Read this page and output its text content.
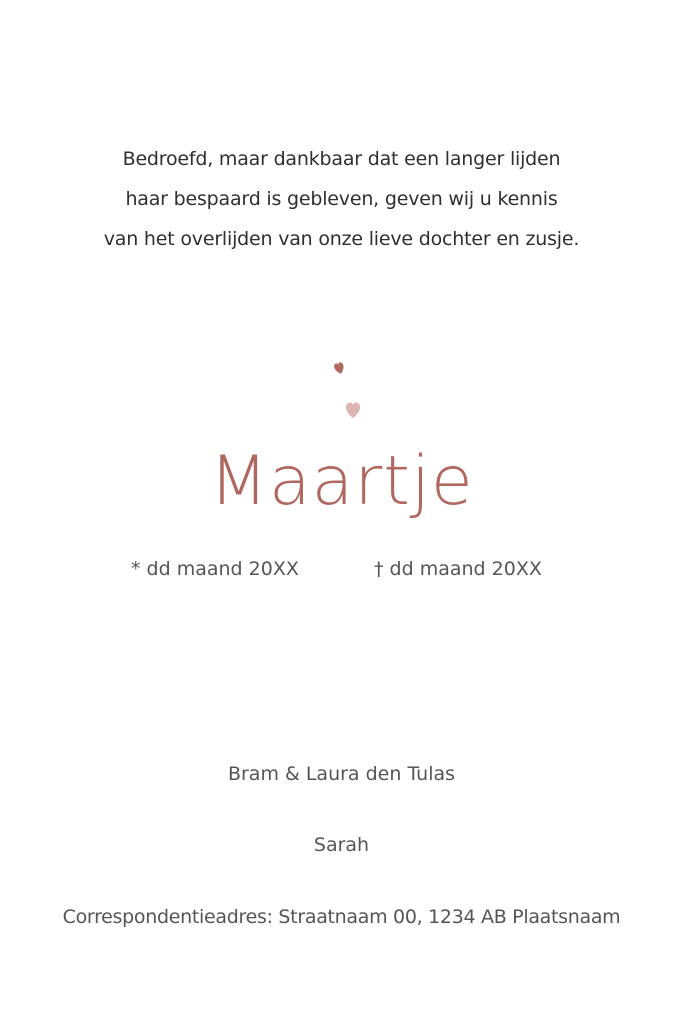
Bedroefd, maar dankbaar dat een langer lijden
haar bespaard is gebleven, geven wij u kennis
van het overlijden van onze lieve dochter en zusje.
Maartje
* dd maand 20XX	† dd maand 20XX
Bram & Laura den Tulas
Sarah
Correspondentieadres: Straatnaam 00, 1234 AB Plaatsnaam
